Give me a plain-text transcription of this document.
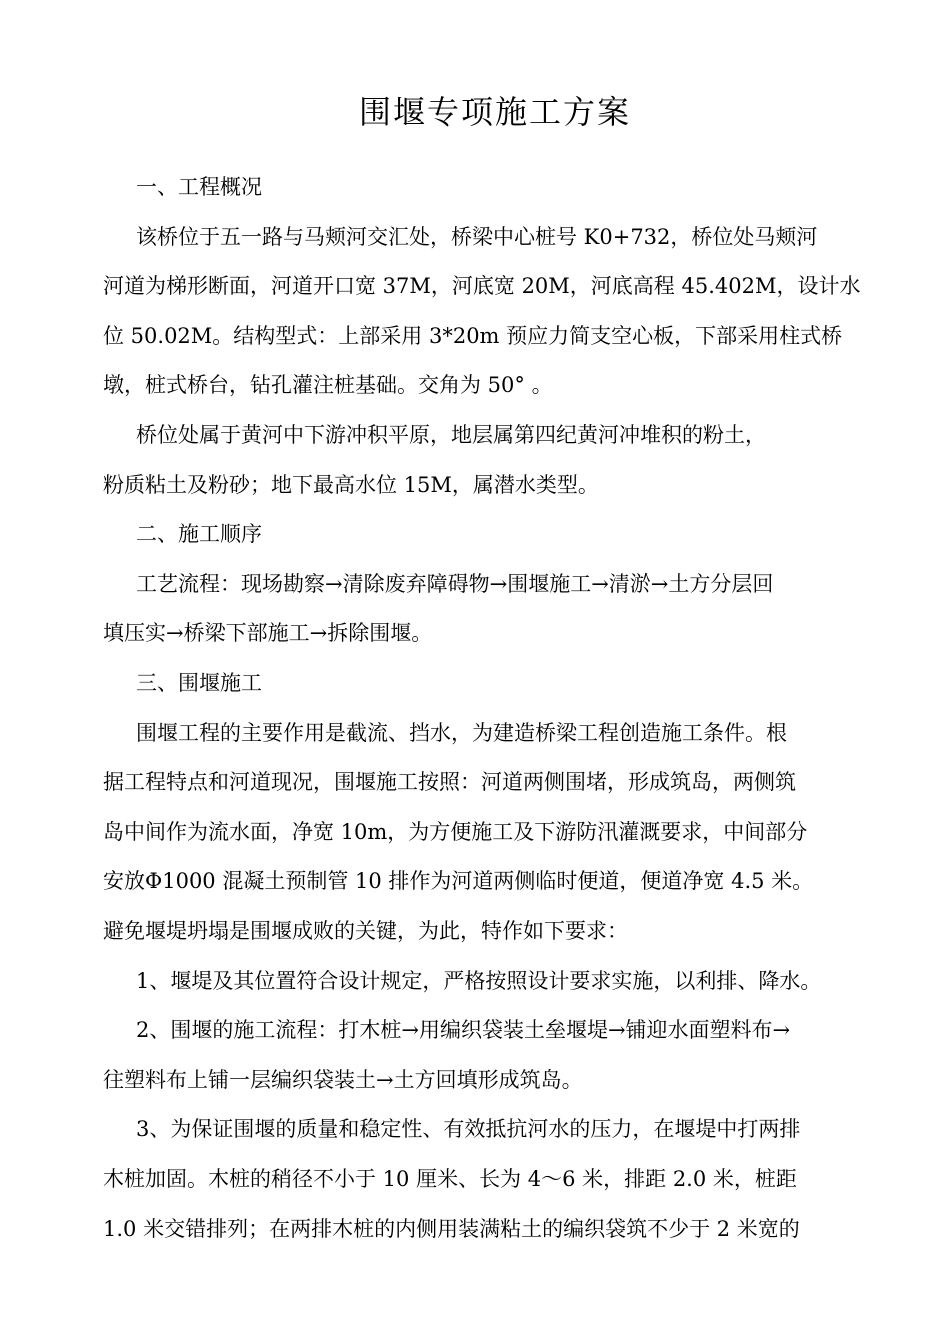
围堰专项施工方案
一、工程概况
该桥位于五一路与马颊河交汇处，桥梁中心桩号 K0+732，桥位处马颊河
河道为梯形断面，河道开口宽 37M，河底宽 20M，河底高程 45.402M，设计水
位 50.02M。结构型式：上部采用 3*20m 预应力简支空心板，下部采用柱式桥
墩，桩式桥台，钻孔灌注桩基础。交角为 50° 。
桥位处属于黄河中下游冲积平原，地层属第四纪黄河冲堆积的粉土，
粉质粘土及粉砂；地下最高水位 15M，属潜水类型。
二、施工顺序
工艺流程：现场勘察→清除废弃障碍物→围堰施工→清淤→土方分层回
填压实→桥梁下部施工→拆除围堰。
三、围堰施工
围堰工程的主要作用是截流、挡水，为建造桥梁工程创造施工条件。根
据工程特点和河道现况，围堰施工按照：河道两侧围堵，形成筑岛，两侧筑
岛中间作为流水面，净宽 10m，为方便施工及下游防汛灌溉要求，中间部分
安放Φ1000 混凝土预制管 10 排作为河道两侧临时便道，便道净宽 4.5 米。
避免堰堤坍塌是围堰成败的关键，为此，特作如下要求：
1、堰堤及其位置符合设计规定，严格按照设计要求实施，以利排、降水。
2、围堰的施工流程：打木桩→用编织袋装土垒堰堤→铺迎水面塑料布→
往塑料布上铺一层编织袋装土→土方回填形成筑岛。
3、为保证围堰的质量和稳定性、有效抵抗河水的压力，在堰堤中打两排
木桩加固。木桩的稍径不小于 10 厘米、长为 4～6 米，排距 2.0 米，桩距
1.0 米交错排列；在两排木桩的内侧用装满粘土的编织袋筑不少于 2 米宽的
